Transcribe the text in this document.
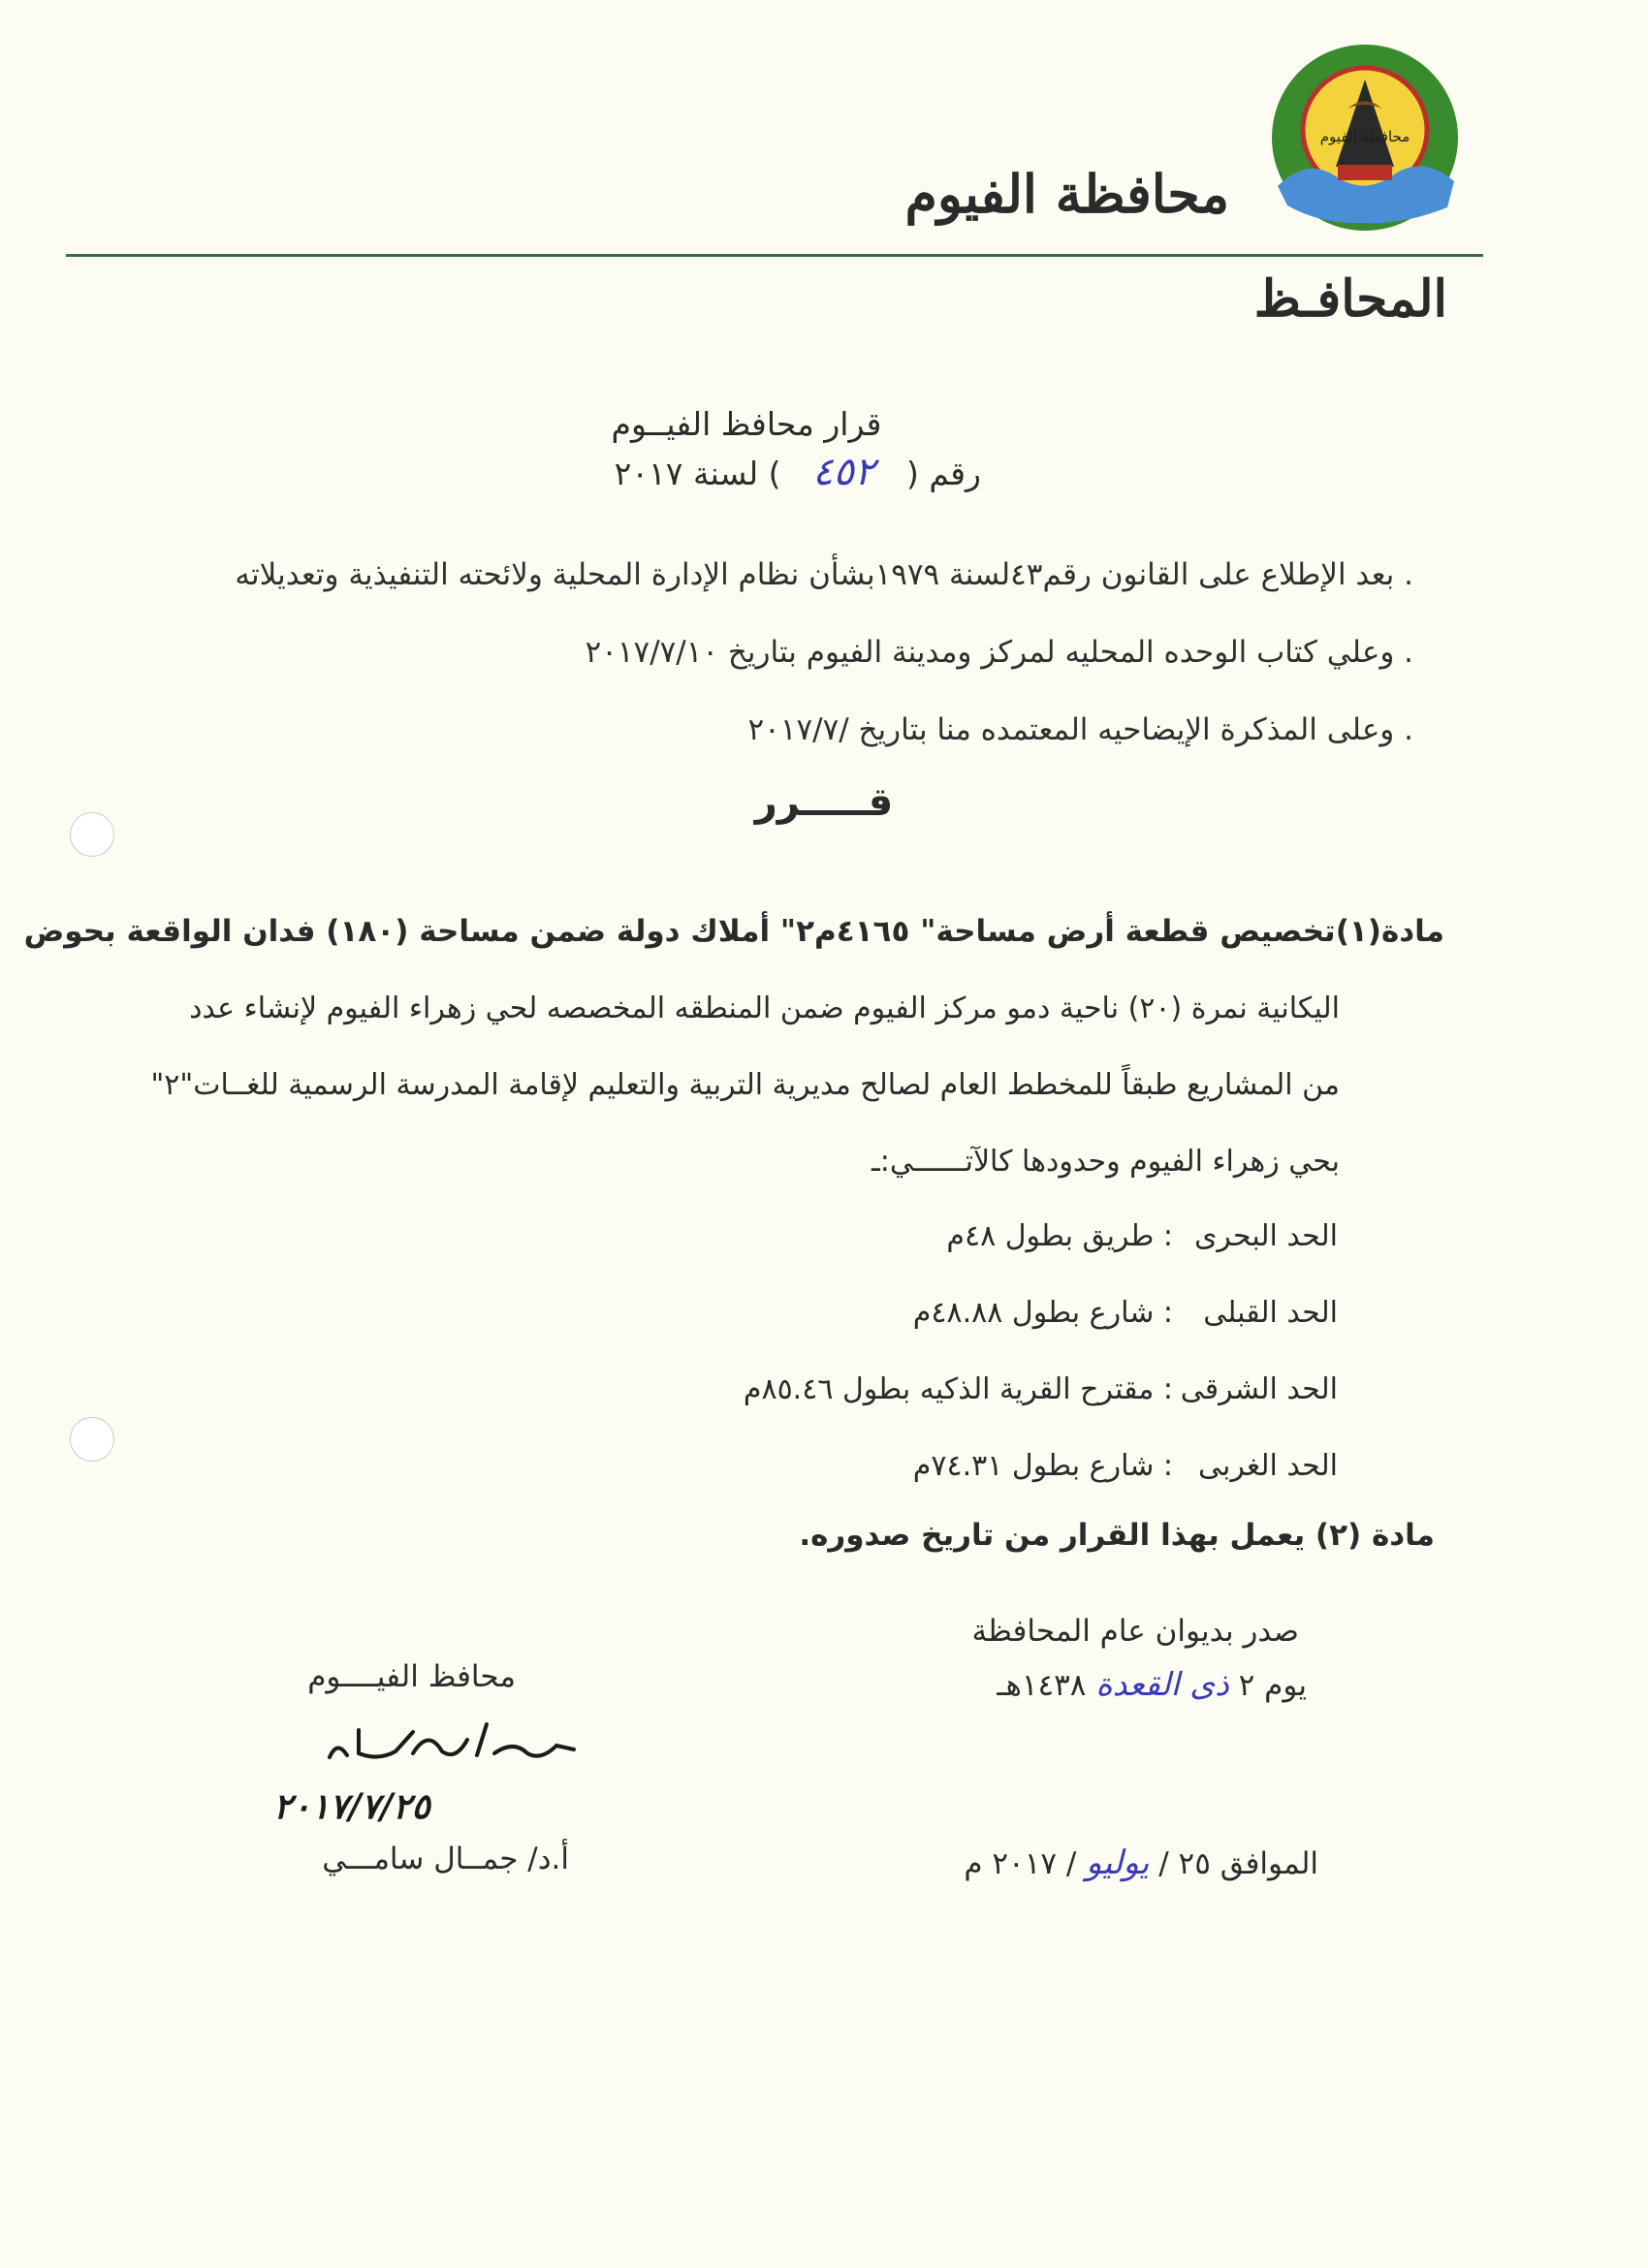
محافظة الفيوم
محافظة الفيوم
المحافـظ
قرار محافظ الفيــوم
رقم ( ٤٥٢ ) لسنة ٢٠١٧
. بعد الإطلاع على القانون رقم٤٣لسنة ١٩٧٩بشأن نظام الإدارة المحلية ولائحته التنفيذية وتعديلاته
. وعلي كتاب الوحده المحليه لمركز ومدينة الفيوم بتاريخ ٢٠١٧/٧/١٠
. وعلى المذكرة الإيضاحيه المعتمده منا بتاريخ /٢٠١٧/٧
قـــــرر
مادة(١)تخصيص قطعة أرض مساحة" ٤١٦٥م٢" أملاك دولة ضمن مساحة (١٨٠) فدان الواقعة بحوض
اليكانية نمرة (٢٠) ناحية دمو مركز الفيوم ضمن المنطقه المخصصه لحي زهراء الفيوم لإنشاء عدد
من المشاريع طبقاً للمخطط العام لصالح مديرية التربية والتعليم لإقامة المدرسة الرسمية للغــات"٢"
بحي زهراء الفيوم وحدودها كالآتــــــي:ـ
الحد البحرى: طريق بطول ٤٨م
الحد القبلى: شارع بطول ٤٨.٨٨م
الحد الشرقى: مقترح القرية الذكيه بطول ٨٥.٤٦م
الحد الغربى: شارع بطول ٧٤.٣١م
مادة (٢) يعمل بهذا القرار من تاريخ صدوره.
صدر بديوان عام المحافظة
يوم ٢ ذى القعدة ١٤٣٨هـ
الموافق ٢٥ / يوليو / ٢٠١٧ م
محافظ الفيــــوم
٢٠١٧/٧/٢٥
أ.د/ جمــال سامـــي
